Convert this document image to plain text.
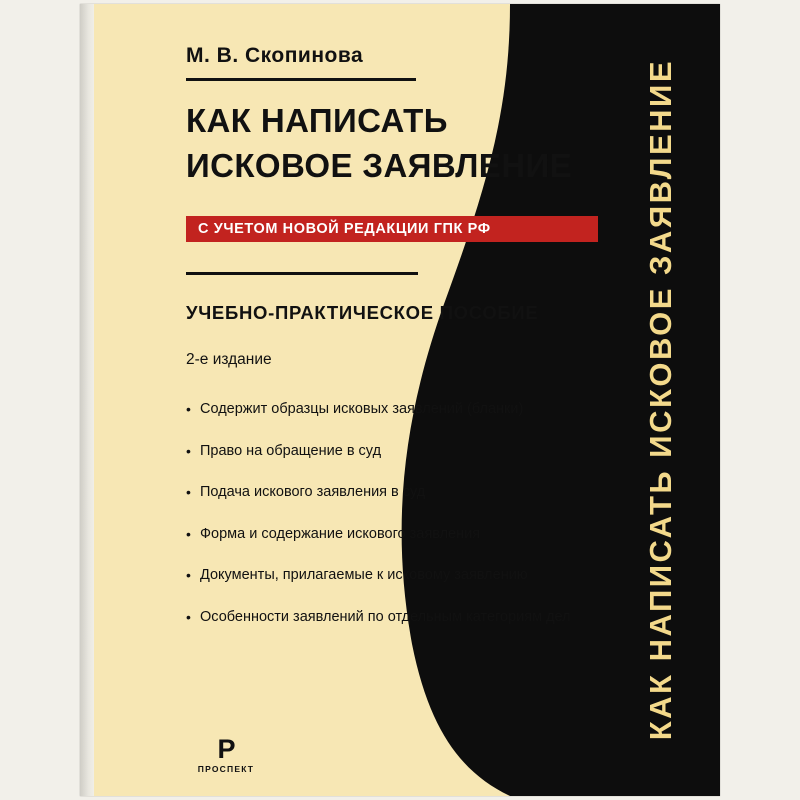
КАК НАПИСАТЬ ИСКОВОЕ ЗАЯВЛЕНИЕ
М. В. Скопинова
КАК НАПИСАТЬ
ИСКОВОЕ ЗАЯВЛЕНИЕ
С УЧЕТОМ НОВОЙ РЕДАКЦИИ ГПК РФ
УЧЕБНО-ПРАКТИЧЕСКОЕ ПОСОБИЕ
2-е издание
• Содержит образцы исковых заявлений (бланки)
• Право на обращение в суд
• Подача искового заявления в суд
• Форма и содержание искового заявления
• Документы, прилагаемые к исковому заявлению
• Особенности заявлений по отдельным категориям дел
Р
ПРОСПЕКТ
